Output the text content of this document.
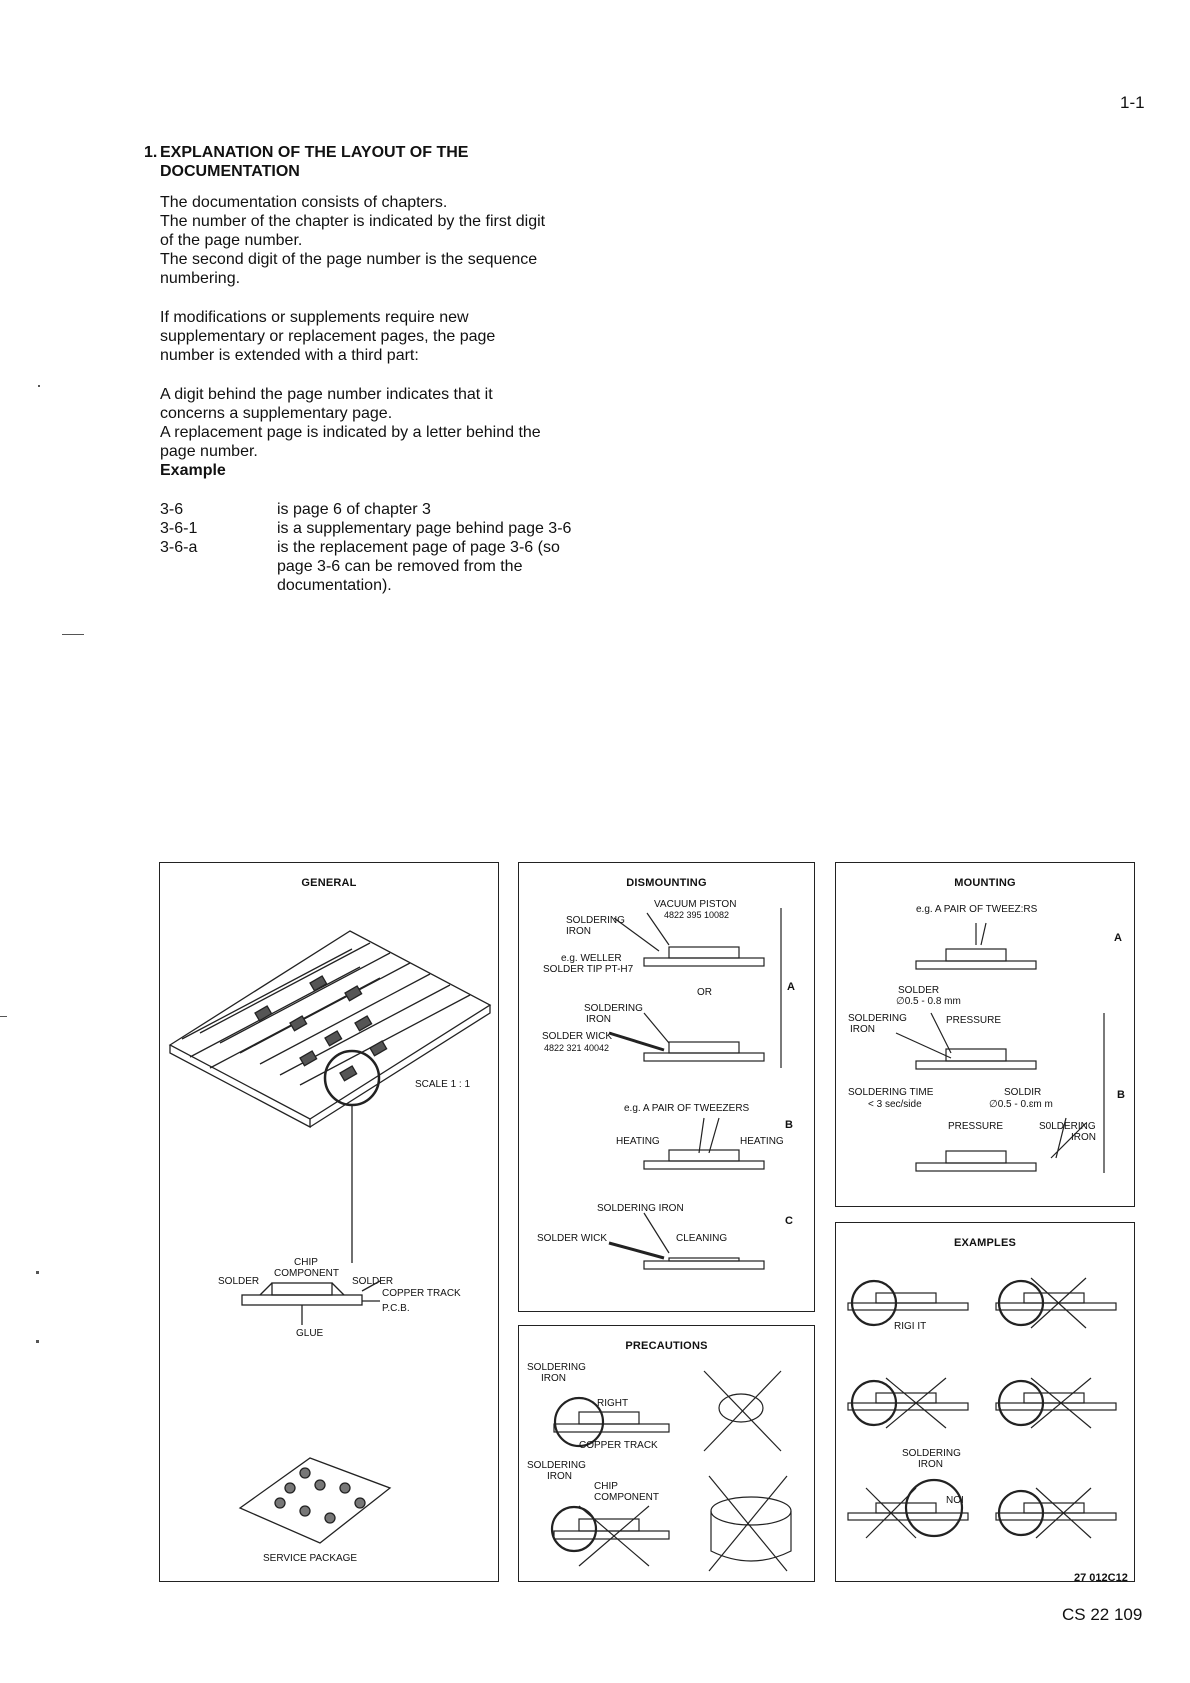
1-1

1. EXPLANATION OF THE LAYOUT OF THE
DOCUMENTATION

The documentation consists of chapters.
The number of the chapter is indicated by the first digit
of the page number.
The second digit of the page number is the sequence
numbering.

If modifications or supplements require new
supplementary or replacement pages, the page
number is extended with a third part:

A digit behind the page number indicates that it
concerns a supplementary page.
A replacement page is indicated by a letter behind the
page number.
Example

3-6	is page 6 of chapter 3
3-6-1	is a supplementary page behind page 3-6
3-6-a	is the replacement page of page 3-6 (so
page 3-6 can be removed from the
documentation).
GENERAL
SCALE 1 : 1
CHIP
COMPONENT
SOLDER	SOLDER
COPPER TRACK
P.C.B.
GLUE
SERVICE PACKAGE
DISMOUNTING
VACUUM PISTON
4822 395 10082
SOLDERING
IRON
e.g. WELLER
SOLDER TIP PT-H7
OR
SOLDERING
IRON
SOLDER WICK
4822 321 40042
A
e.g. A PAIR OF TWEEZERS
B
HEATING	HEATING
SOLDERING IRON
C
SOLDER WICK	CLEANING
PRECAUTIONS
SOLDERING
IRON
RIGHT
COPPER TRACK
SOLDERING
IRON
CHIP
COMPONENT
MOUNTING
e.g. A PAIR OF TWEEZ:RS
A
SOLDER
∅0.5 - 0.8 mm
SOLDERING
IRON
PRESSURE
SOLDERING TIME
< 3 sec/side
SOLDIR
∅0.5 - 0.ɛm m
B
PRESSURE	S0LDERING
IRON
EXAMPLES
RIGI IT
SOLDERING
IRON
NOI
27 012C12
CS 22 109
